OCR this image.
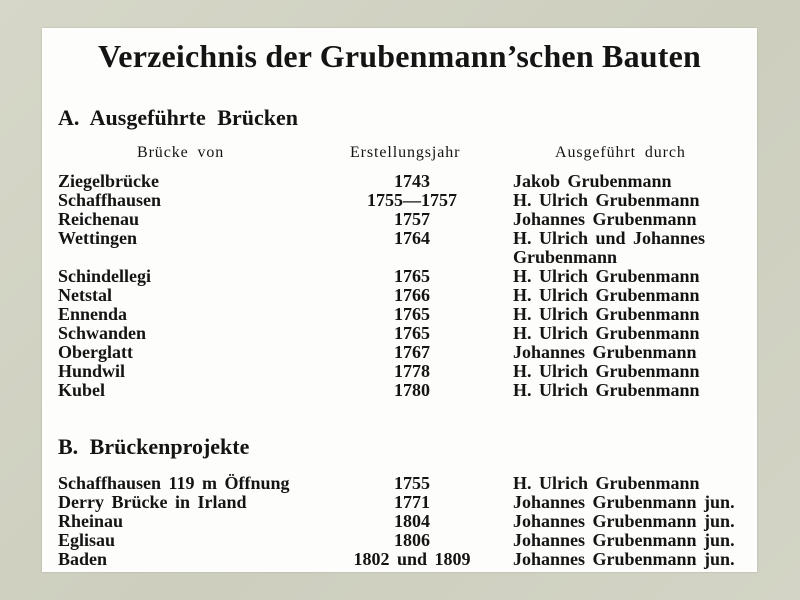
Verzeichnis der Grubenmann’schen Bauten
A. Ausgeführte Brücken
Brücke von	Erstellungsjahr	Ausgeführt durch
Ziegelbrücke	1743	Jakob Grubenmann
Schaffhausen	1755—1757	H. Ulrich Grubenmann
Reichenau	1757	Johannes Grubenmann
Wettingen	1764	H. Ulrich und Johannes
Grubenmann
Schindellegi	1765	H. Ulrich Grubenmann
Netstal	1766	H. Ulrich Grubenmann
Ennenda	1765	H. Ulrich Grubenmann
Schwanden	1765	H. Ulrich Grubenmann
Oberglatt	1767	Johannes Grubenmann
Hundwil	1778	H. Ulrich Grubenmann
Kubel	1780	H. Ulrich Grubenmann
B. Brückenprojekte
Schaffhausen 119 m Öffnung	1755	H. Ulrich Grubenmann
Derry Brücke in Irland	1771	Johannes Grubenmann jun.
Rheinau	1804	Johannes Grubenmann jun.
Eglisau	1806	Johannes Grubenmann jun.
Baden	1802 und 1809	Johannes Grubenmann jun.
